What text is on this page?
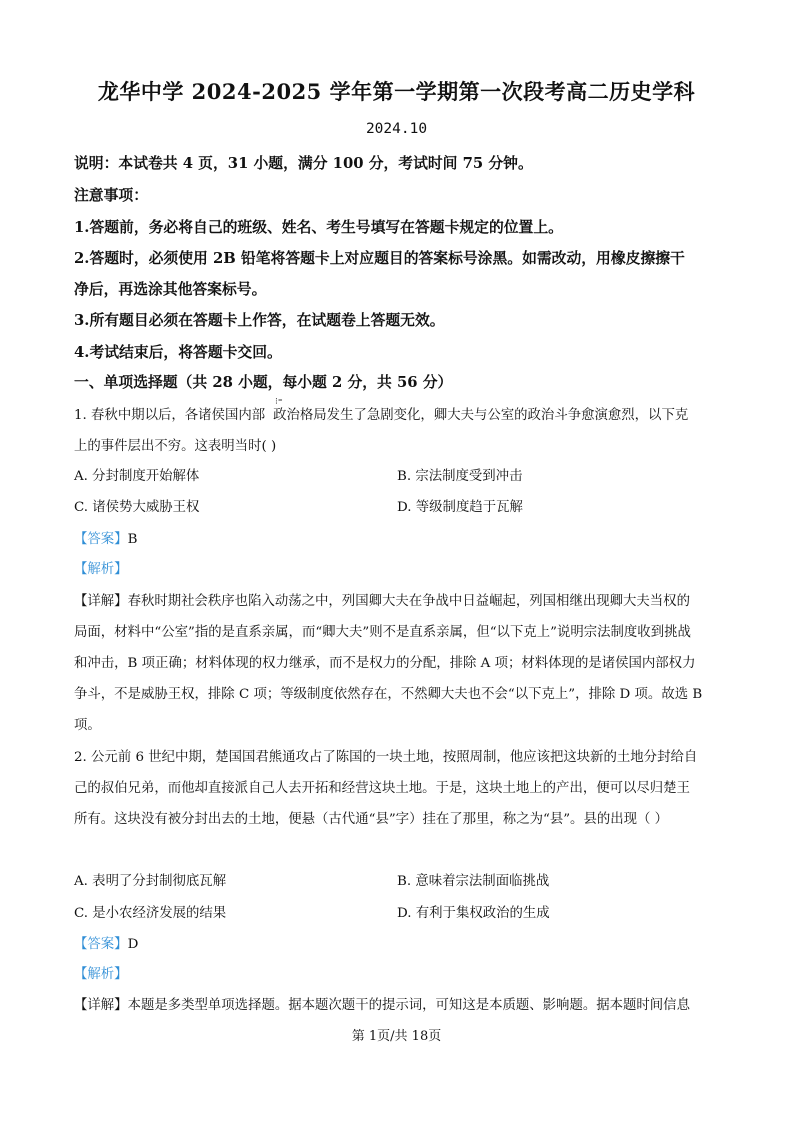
龙华中学 2024-2025 学年第一学期第一次段考高二历史学科
2024.10
说明：本试卷共 4 页，31 小题，满分 100 分，考试时间 75 分钟。
注意事项：
1.答题前，务必将自己的班级、姓名、考生号填写在答题卡规定的位置上。
2.答题时，必须使用 2B 铅笔将答题卡上对应题目的答案标号涂黑。如需改动，用橡皮擦擦干
净后，再选涂其他答案标号。
3.所有题目必须在答题卡上作答，在试题卷上答题无效。
4.考试结束后，将答题卡交回。
一、单项选择题（共 28 小题，每小题 2 分，共 56 分）
1. 春秋中期以后，各诸侯国内部 政治格局发生了急剧变化，卿大夫与公室的政治斗争愈演愈烈，以下克
⁝⁼
上的事件层出不穷。这表明当时( )
A. 分封制度开始解体	B. 宗法制度受到冲击
C. 诸侯势大威胁王权	D. 等级制度趋于瓦解
【答案】B
【解析】
【详解】春秋时期社会秩序也陷入动荡之中，列国卿大夫在争战中日益崛起，列国相继出现卿大夫当权的
局面，材料中“公室”指的是直系亲属，而“卿大夫”则不是直系亲属，但“以下克上”说明宗法制度收到挑战
和冲击，B 项正确；材料体现的权力继承，而不是权力的分配，排除 A 项；材料体现的是诸侯国内部权力
争斗，不是威胁王权，排除 C 项；等级制度依然存在，不然卿大夫也不会“以下克上”，排除 D 项。故选 B
项。
2. 公元前 6 世纪中期，楚国国君熊通攻占了陈国的一块土地，按照周制，他应该把这块新的土地分封给自
己的叔伯兄弟，而他却直接派自己人去开拓和经营这块土地。于是，这块土地上的产出，便可以尽归楚王
所有。这块没有被分封出去的土地，便悬（古代通“县”字）挂在了那里，称之为“县”。县的出现（ ）
A. 表明了分封制彻底瓦解	B. 意味着宗法制面临挑战
C. 是小农经济发展的结果	D. 有利于集权政治的生成
【答案】D
【解析】
【详解】本题是多类型单项选择题。据本题次题干的提示词，可知这是本质题、影响题。据本题时间信息
第 1页/共 18页
